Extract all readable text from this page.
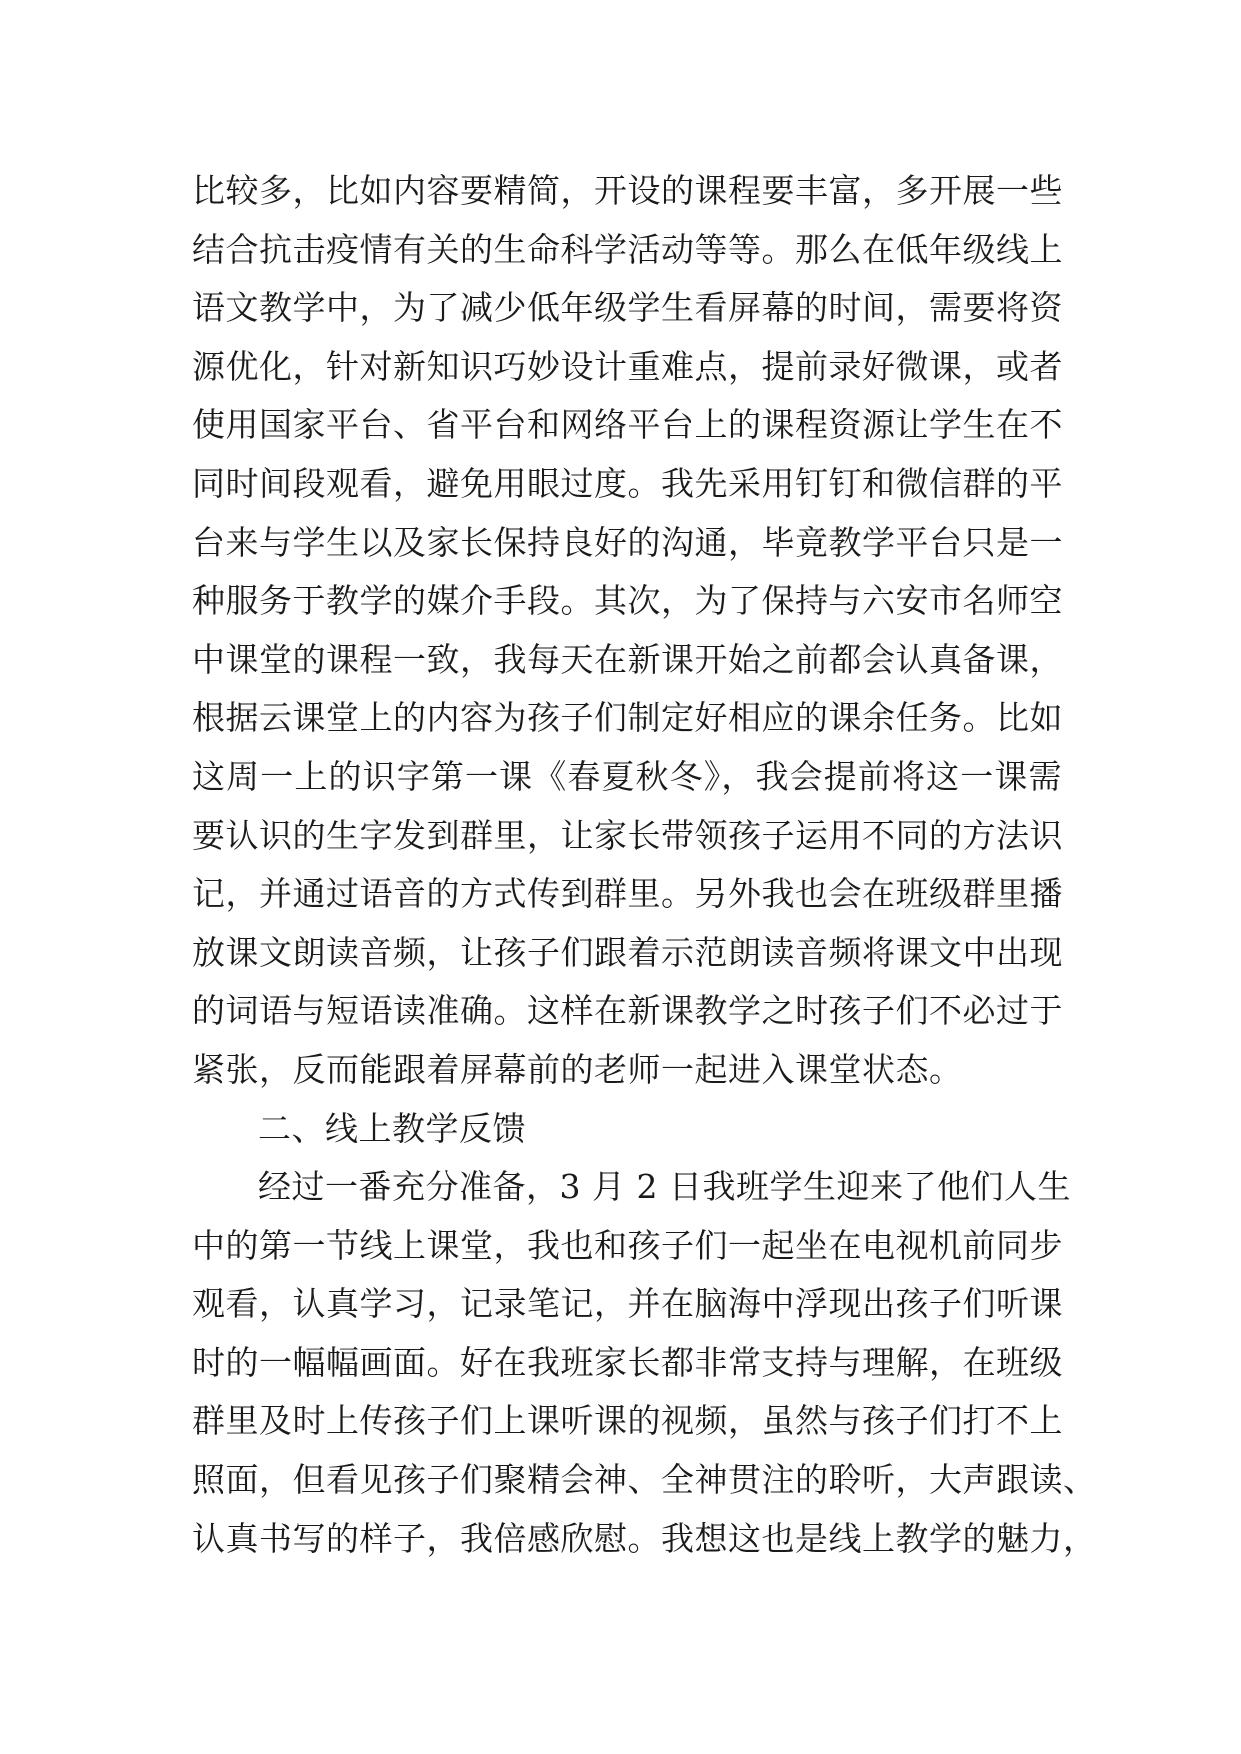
比较多，比如内容要精简，开设的课程要丰富，多开展一些
结合抗击疫情有关的生命科学活动等等。那么在低年级线上
语文教学中，为了减少低年级学生看屏幕的时间，需要将资
源优化，针对新知识巧妙设计重难点，提前录好微课，或者
使用国家平台、省平台和网络平台上的课程资源让学生在不
同时间段观看，避免用眼过度。我先采用钉钉和微信群的平
台来与学生以及家长保持良好的沟通，毕竟教学平台只是一
种服务于教学的媒介手段。其次，为了保持与六安市名师空
中课堂的课程一致，我每天在新课开始之前都会认真备课，
根据云课堂上的内容为孩子们制定好相应的课余任务。比如
这周一上的识字第一课《春夏秋冬》，我会提前将这一课需
要认识的生字发到群里，让家长带领孩子运用不同的方法识
记，并通过语音的方式传到群里。另外我也会在班级群里播
放课文朗读音频，让孩子们跟着示范朗读音频将课文中出现
的词语与短语读准确。这样在新课教学之时孩子们不必过于
紧张，反而能跟着屏幕前的老师一起进入课堂状态。
二、线上教学反馈
经过一番充分准备，3 月 2 日我班学生迎来了他们人生
中的第一节线上课堂，我也和孩子们一起坐在电视机前同步
观看，认真学习，记录笔记，并在脑海中浮现出孩子们听课
时的一幅幅画面。好在我班家长都非常支持与理解，在班级
群里及时上传孩子们上课听课的视频，虽然与孩子们打不上
照面，但看见孩子们聚精会神、全神贯注的聆听，大声跟读、
认真书写的样子，我倍感欣慰。我想这也是线上教学的魅力，
